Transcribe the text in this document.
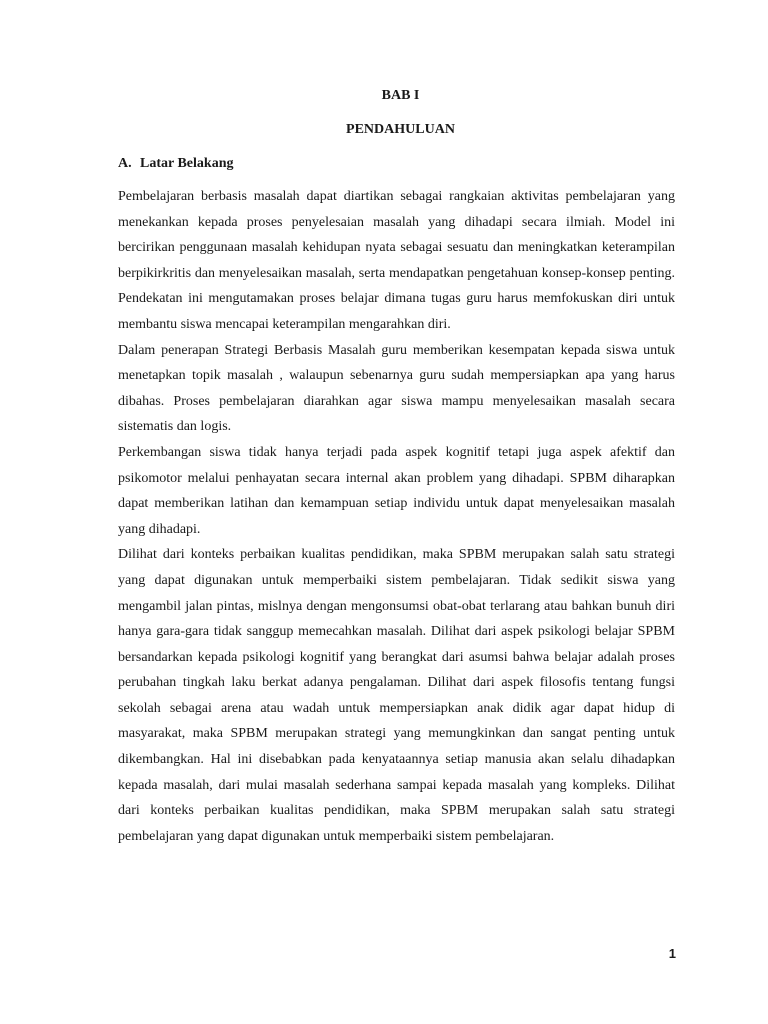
BAB I

PENDAHULUAN

A. Latar Belakang

Pembelajaran berbasis masalah dapat diartikan sebagai rangkaian aktivitas pembelajaran yang menekankan kepada proses penyelesaian masalah yang dihadapi secara ilmiah. Model ini bercirikan penggunaan masalah kehidupan nyata sebagai sesuatu dan meningkatkan keterampilan berpikirkritis dan menyelesaikan masalah, serta mendapatkan pengetahuan konsep-konsep penting. Pendekatan ini mengutamakan proses belajar dimana tugas guru harus memfokuskan diri untuk membantu siswa mencapai keterampilan mengarahkan diri.

Dalam penerapan Strategi Berbasis Masalah guru memberikan kesempatan kepada siswa untuk menetapkan topik masalah , walaupun sebenarnya guru sudah mempersiapkan apa yang harus dibahas. Proses pembelajaran diarahkan agar siswa mampu menyelesaikan masalah secara sistematis dan logis.

Perkembangan siswa tidak hanya terjadi pada aspek kognitif tetapi juga aspek afektif dan psikomotor melalui penhayatan secara internal akan problem yang dihadapi. SPBM diharapkan dapat memberikan latihan dan kemampuan setiap individu untuk dapat menyelesaikan masalah yang dihadapi.

Dilihat dari konteks perbaikan kualitas pendidikan, maka SPBM merupakan salah satu strategi yang dapat digunakan untuk memperbaiki sistem pembelajaran. Tidak sedikit siswa yang mengambil jalan pintas, mislnya dengan mengonsumsi obat-obat terlarang atau bahkan bunuh diri hanya gara-gara tidak sanggup memecahkan masalah. Dilihat dari aspek psikologi belajar SPBM bersandarkan kepada psikologi kognitif yang berangkat dari asumsi bahwa belajar adalah proses perubahan tingkah laku berkat adanya pengalaman. Dilihat dari aspek filosofis tentang fungsi sekolah sebagai arena atau wadah untuk mempersiapkan anak didik agar dapat hidup di masyarakat, maka SPBM merupakan strategi yang memungkinkan dan sangat penting untuk dikembangkan. Hal ini disebabkan pada kenyataannya setiap manusia akan selalu dihadapkan kepada masalah, dari mulai masalah sederhana sampai kepada masalah yang kompleks. Dilihat dari konteks perbaikan kualitas pendidikan, maka SPBM merupakan salah satu strategi pembelajaran yang dapat digunakan untuk memperbaiki sistem pembelajaran.

1
